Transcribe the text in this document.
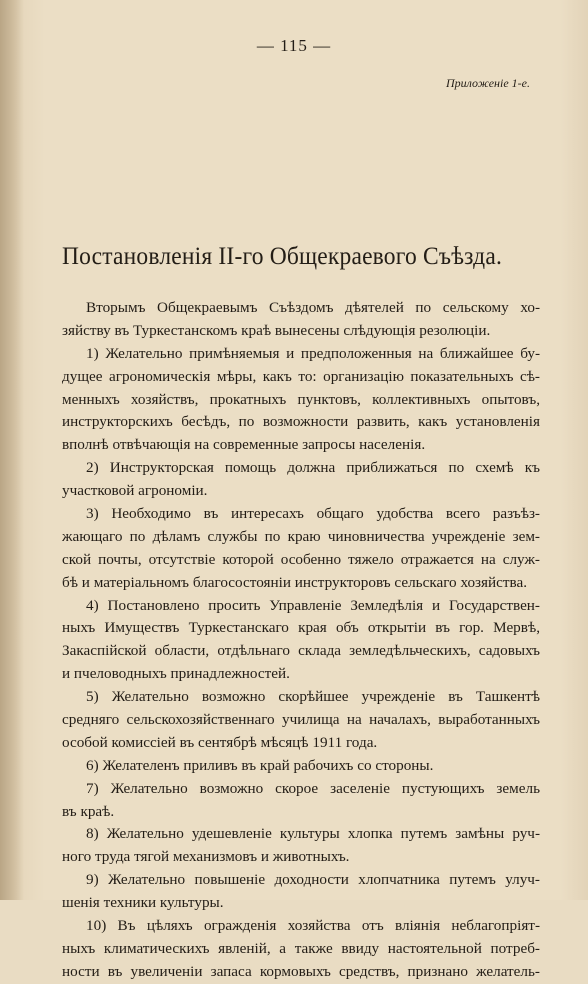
— 115 —
Приложеніе 1-е.
Постановленія II-го Общекраевого Съѣзда.
Вторымъ Общекраевымъ Съѣздомъ дѣятелей по сельскому хо-
зяйству въ Туркестанскомъ краѣ вынесены слѣдующія резолюціи.
1) Желательно примѣняемыя и предположенныя на ближайшее бу-
дущее агрономическія мѣры, какъ то: организацію показательныхъ сѣ-
менныхъ хозяйствъ, прокатныхъ пунктовъ, коллективныхъ опытовъ,
инструкторскихъ бесѣдъ, по возможности развить, какъ установленія
вполнѣ отвѣчающія на современные запросы населенія.
2) Инструкторская помощь должна приближаться по схемѣ къ
участковой агрономіи.
3) Необходимо въ интересахъ общаго удобства всего разъѣз-
жающаго по дѣламъ службы по краю чиновничества учрежденіе зем-
ской почты, отсутствіе которой особенно тяжело отражается на служ-
бѣ и матеріальномъ благосостояніи инструкторовъ сельскаго хозяйства.
4) Постановлено просить Управленіе Земледѣлія и Государствен-
ныхъ Имуществъ Туркестанскаго края объ открытіи въ гор. Мервѣ,
Закаспійской области, отдѣльнаго склада земледѣльческихъ, садовыхъ
и пчеловодныхъ принадлежностей.
5) Желательно возможно скорѣйшее учрежденіе въ Ташкентѣ
средняго сельскохозяйственнаго училища на началахъ, выработанныхъ
особой комиссіей въ сентябрѣ мѣсяцѣ 1911 года.
6) Желателенъ приливъ въ край рабочихъ со стороны.
7) Желательно возможно скорое заселеніе пустующихъ земель
въ краѣ.
8) Желательно удешевленіе культуры хлопка путемъ замѣны руч-
ного труда тягой механизмовъ и животныхъ.
9) Желательно повышеніе доходности хлопчатника путемъ улуч-
шенія техники культуры.
10) Въ цѣляхъ огражденія хозяйства отъ вліянія неблагопріят-
ныхъ климатическихъ явленій, а также ввиду настоятельной потреб-
ности въ увеличеніи запаса кормовыхъ средствъ, признано желатель-
